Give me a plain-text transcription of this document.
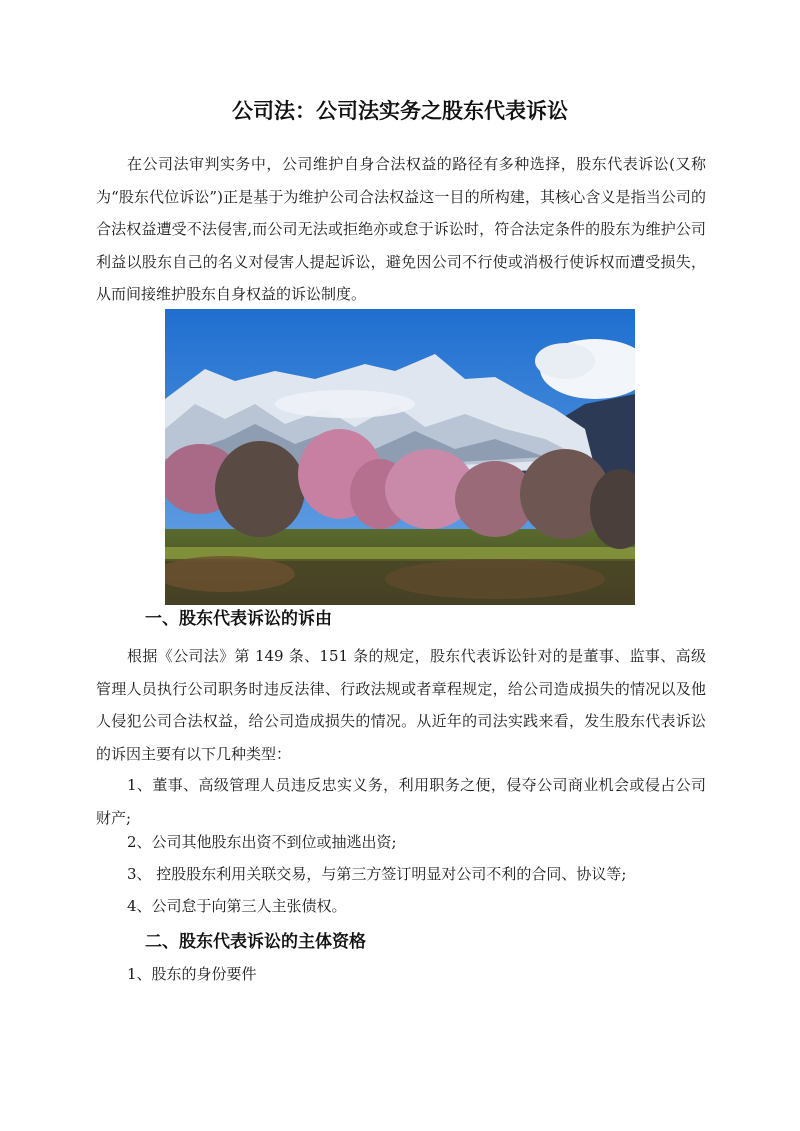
公司法：公司法实务之股东代表诉讼

在公司法审判实务中，公司维护自身合法权益的路径有多种选择，股东代表诉讼(又称为“股东代位诉讼”)正是基于为维护公司合法权益这一目的所构建，其核心含义是指当公司的合法权益遭受不法侵害,而公司无法或拒绝亦或怠于诉讼时，符合法定条件的股东为维护公司利益以股东自己的名义对侵害人提起诉讼，避免因公司不行使或消极行使诉权而遭受损失，从而间接维护股东自身权益的诉讼制度。

一、股东代表诉讼的诉由

根据《公司法》第 149 条、151 条的规定，股东代表诉讼针对的是董事、监事、高级管理人员执行公司职务时违反法律、行政法规或者章程规定，给公司造成损失的情况以及他人侵犯公司合法权益，给公司造成损失的情况。从近年的司法实践来看，发生股东代表诉讼的诉因主要有以下几种类型：

1、董事、高级管理人员违反忠实义务，利用职务之便，侵夺公司商业机会或侵占公司财产;

2、公司其他股东出资不到位或抽逃出资;

3、 控股股东利用关联交易，与第三方签订明显对公司不利的合同、协议等;

4、公司怠于向第三人主张债权。

二、股东代表诉讼的主体资格
1、股东的身份要件
